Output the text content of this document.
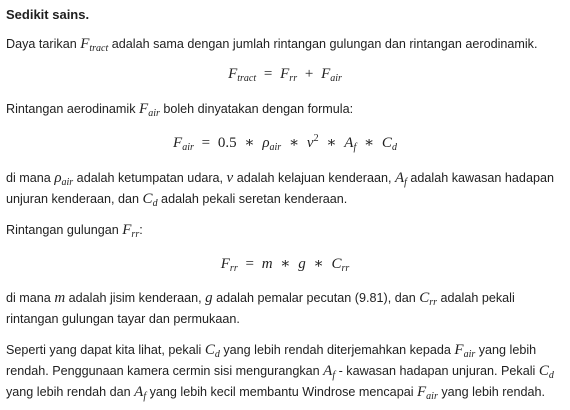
Sedikit sains.
Daya tarikan $F_{tract}$ adalah sama dengan jumlah rintangan gulungan dan rintangan aerodinamik.
$F_{tract} = F_{rr} + F_{air}$
Rintangan aerodinamik $F_{air}$ boleh dinyatakan dengan formula:
$F_{air} = 0.5$ ∗ $\rho_{air}$ ∗ $v^2$ ∗ $A_f$ ∗ $C_d$
di mana $\rho_{air}$ adalah ketumpatan udara, v adalah kelajuan kenderaan, $A_f$ adalah kawasan hadapan
unjuran kenderaan, dan $C_d$ adalah pekali seretan kenderaan.
Rintangan gulungan $F_{rr}$:
$F_{rr} = m$ ∗ g ∗ $C_{rr}$
di mana m adalah jisim kenderaan, g adalah pemalar pecutan (9.81), dan $C_{rr}$ adalah pekali
rintangan gulungan tayar dan permukaan.
Seperti yang dapat kita lihat, pekali $C_d$ yang lebih rendah diterjemahkan kepada $F_{air}$ yang lebih
rendah. Penggunaan kamera cermin sisi mengurangkan $A_f$ - kawasan hadapan unjuran. Pekali $C_d$
yang lebih rendah dan $A_f$ yang lebih kecil membantu Windrose mencapai $F_{air}$ yang lebih rendah.
